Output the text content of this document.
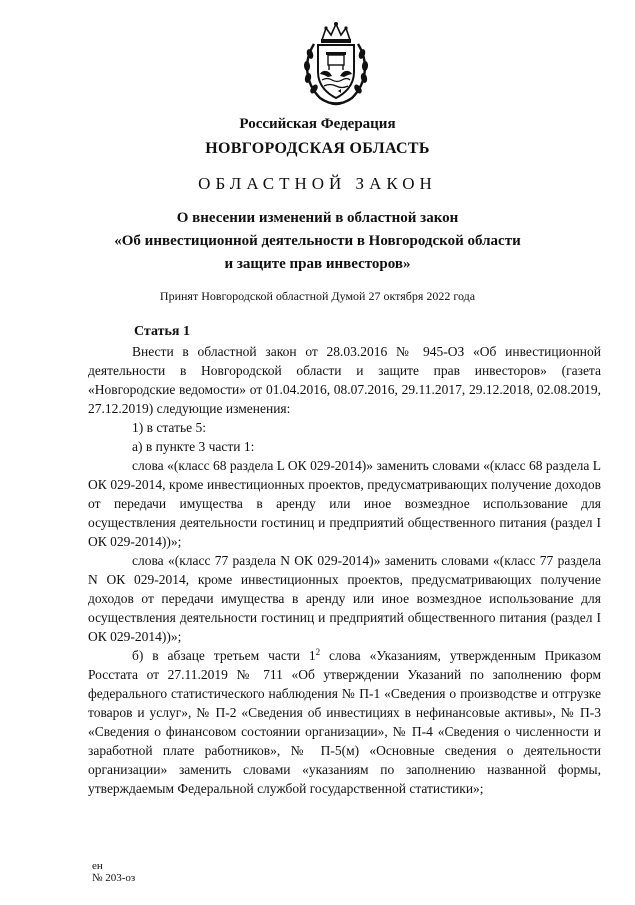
Российская Федерация
НОВГОРОДСКАЯ ОБЛАСТЬ
ОБЛАСТНОЙ ЗАКОН
О внесении изменений в областной закон
«Об инвестиционной деятельности в Новгородской области
и защите прав инвесторов»
Принят Новгородской областной Думой 27 октября 2022 года
Статья 1

Внести в областной закон от 28.03.2016 № 945-ОЗ «Об инвестиционной деятельности в Новгородской области и защите прав инвесторов» (газета «Новгородские ведомости» от 01.04.2016, 08.07.2016, 29.11.2017, 29.12.2018, 02.08.2019, 27.12.2019) следующие изменения:

1) в статье 5:

а) в пункте 3 части 1:

слова «(класс 68 раздела L ОК 029-2014)» заменить словами «(класс 68 раздела L ОК 029-2014, кроме инвестиционных проектов, предусматривающих получение доходов от передачи имущества в аренду или иное возмездное использование для осуществления деятельности гостиниц и предприятий общественного питания (раздел I ОК 029-2014))»;

слова «(класс 77 раздела N ОК 029-2014)» заменить словами «(класс 77 раздела N ОК 029-2014, кроме инвестиционных проектов, предусматривающих получение доходов от передачи имущества в аренду или иное возмездное использование для осуществления деятельности гостиниц и предприятий общественного питания (раздел I ОК 029-2014))»;

б) в абзаце третьем части $1^2$ слова «Указаниям, утвержденным Приказом Росстата от 27.11.2019 № 711 «Об утверждении Указаний по заполнению форм федерального статистического наблюдения № П-1 «Сведения о производстве и отгрузке товаров и услуг», № П-2 «Сведения об инвестициях в нефинансовые активы», № П-3 «Сведения о финансовом состоянии организации», № П-4 «Сведения о численности и заработной плате работников», № П-5(м) «Основные сведения о деятельности организации» заменить словами «указаниям по заполнению названной формы, утверждаемым Федеральной службой государственной статистики»;

ен
№ 203-оз
